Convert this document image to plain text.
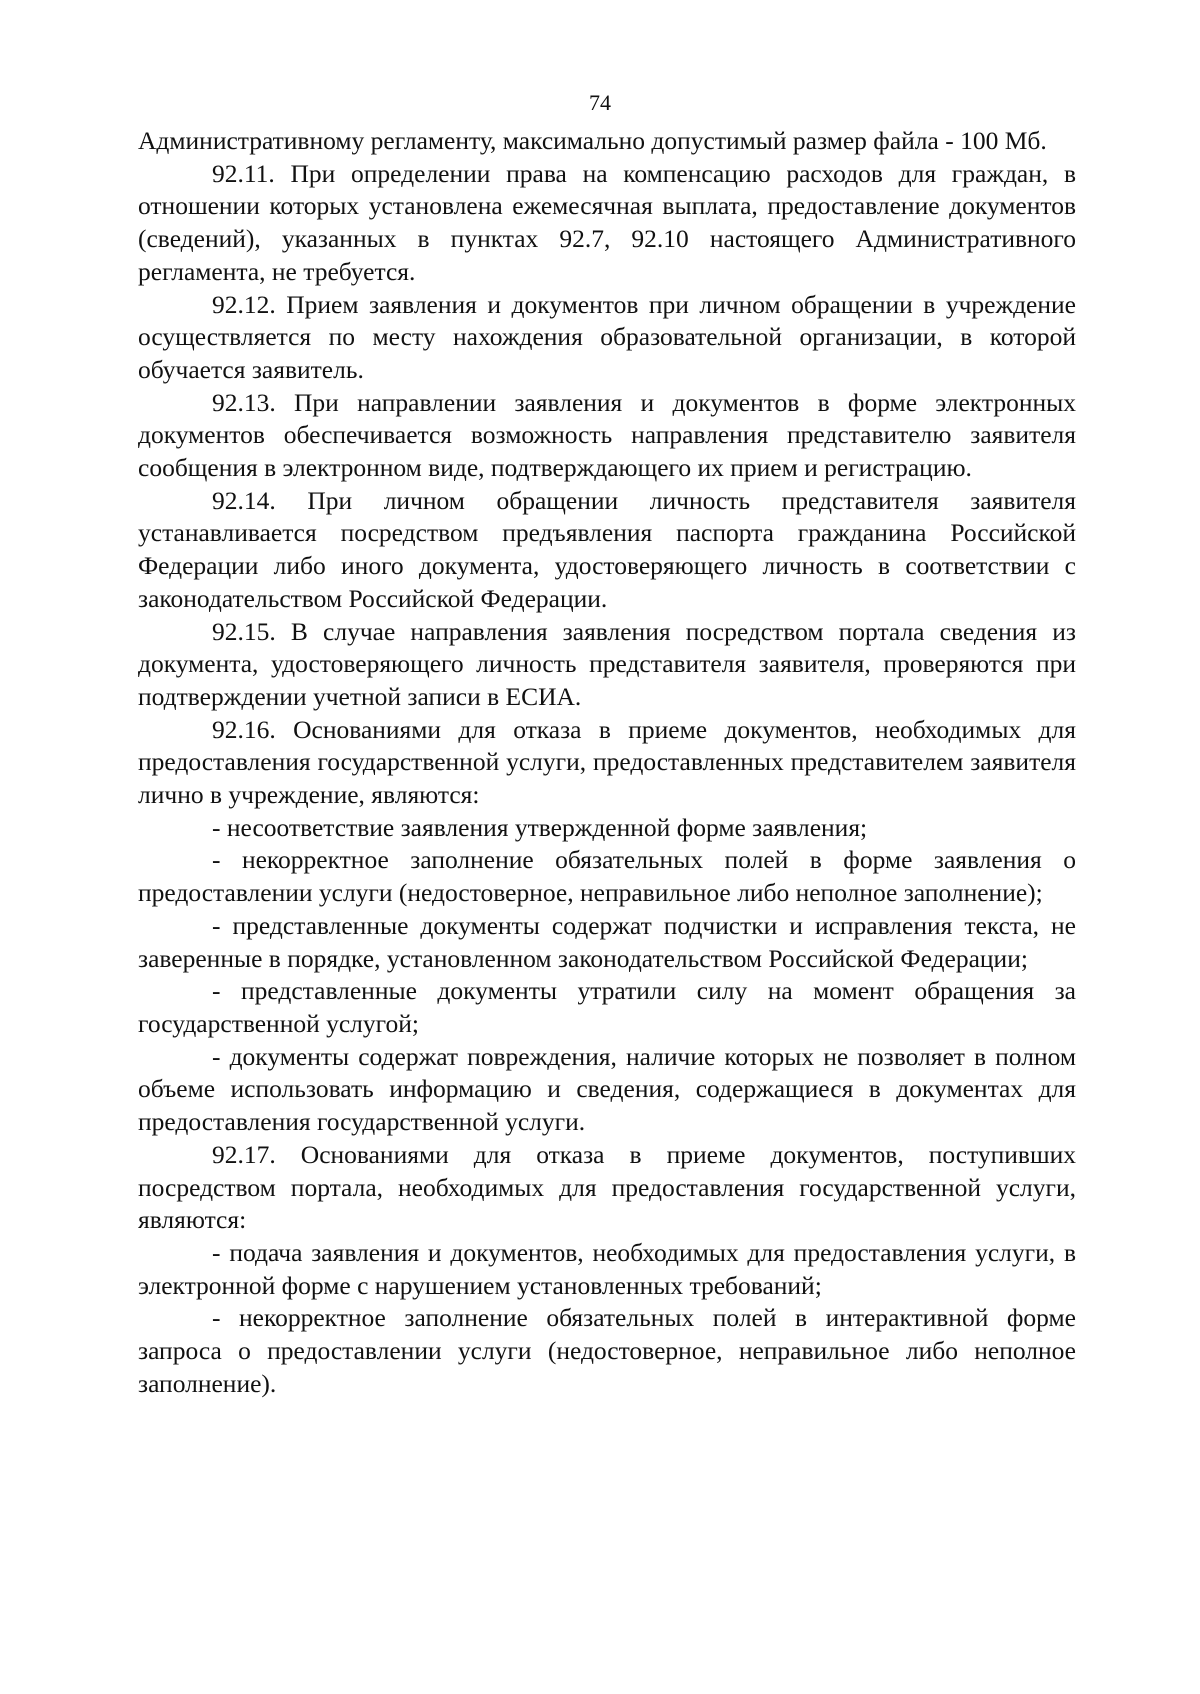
74

Административному регламенту, максимально допустимый размер файла - 100 Мб.

92.11. При определении права на компенсацию расходов для граждан, в отношении которых установлена ежемесячная выплата, предоставление документов (сведений), указанных в пунктах 92.7, 92.10 настоящего Административного регламента, не требуется.

92.12. Прием заявления и документов при личном обращении в учреждение осуществляется по месту нахождения образовательной организации, в которой обучается заявитель.

92.13. При направлении заявления и документов в форме электронных документов обеспечивается возможность направления представителю заявителя сообщения в электронном виде, подтверждающего их прием и регистрацию.

92.14. При личном обращении личность представителя заявителя устанавливается посредством предъявления паспорта гражданина Российской Федерации либо иного документа, удостоверяющего личность в соответствии с законодательством Российской Федерации.

92.15. В случае направления заявления посредством портала сведения из документа, удостоверяющего личность представителя заявителя, проверяются при подтверждении учетной записи в ЕСИА.

92.16. Основаниями для отказа в приеме документов, необходимых для предоставления государственной услуги, предоставленных представителем заявителя лично в учреждение, являются:

- несоответствие заявления утвержденной форме заявления;

- некорректное заполнение обязательных полей в форме заявления о предоставлении услуги (недостоверное, неправильное либо неполное заполнение);

- представленные документы содержат подчистки и исправления текста, не заверенные в порядке, установленном законодательством Российской Федерации;

- представленные документы утратили силу на момент обращения за государственной услугой;

- документы содержат повреждения, наличие которых не позволяет в полном объеме использовать информацию и сведения, содержащиеся в документах для предоставления государственной услуги.

92.17. Основаниями для отказа в приеме документов, поступивших посредством портала, необходимых для предоставления государственной услуги, являются:

- подача заявления и документов, необходимых для предоставления услуги, в электронной форме с нарушением установленных требований;

- некорректное заполнение обязательных полей в интерактивной форме запроса о предоставлении услуги (недостоверное, неправильное либо неполное заполнение).
